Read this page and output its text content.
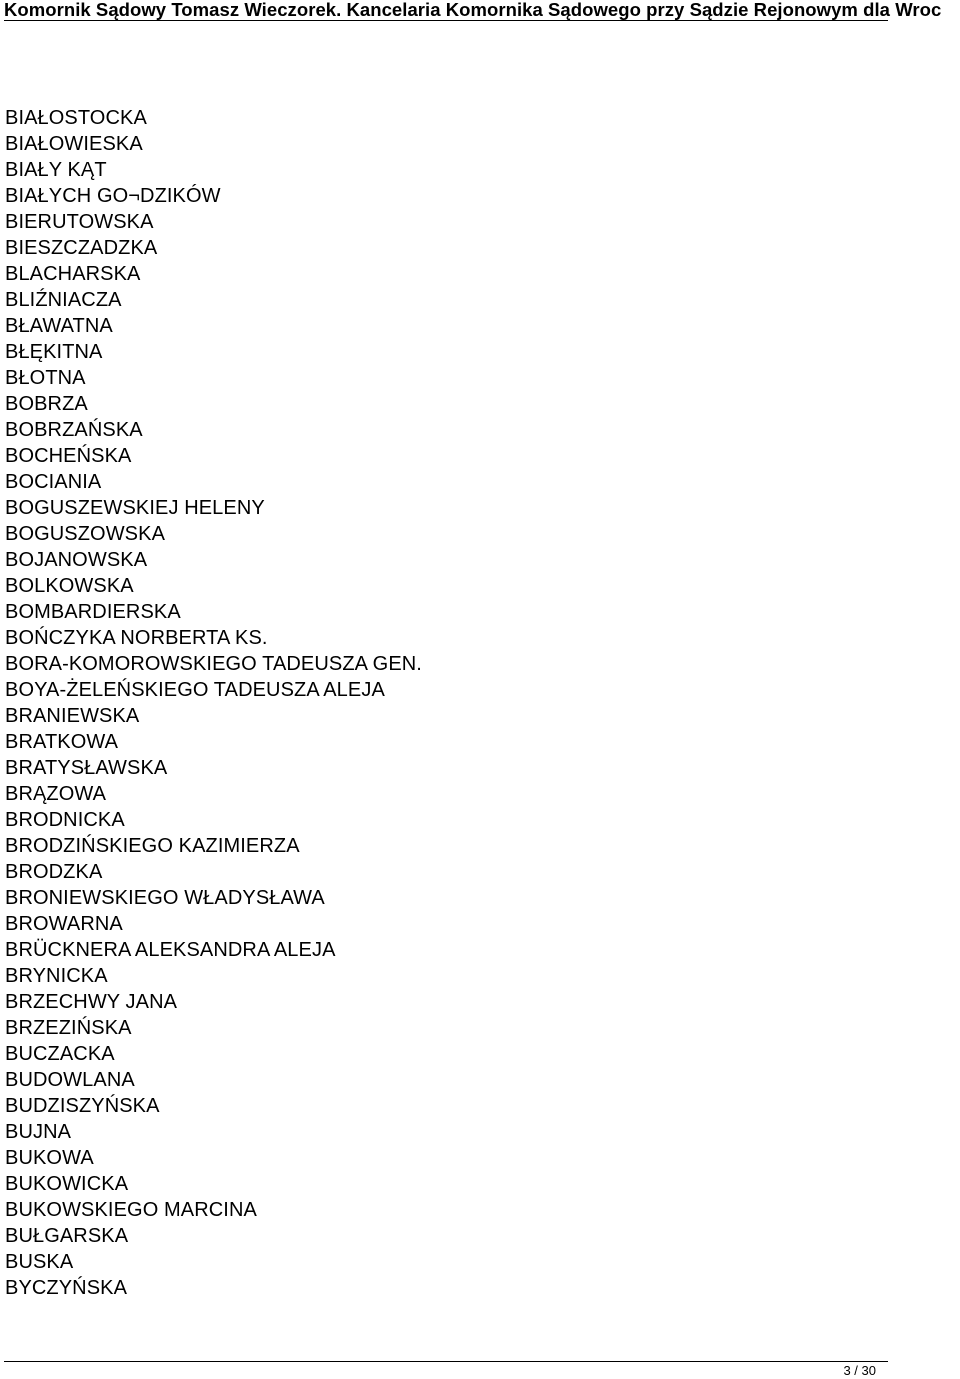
Komornik Sądowy Tomasz Wieczorek. Kancelaria Komornika Sądowego przy Sądzie Rejonowym dla Wroc
BIAŁOSTOCKA
BIAŁOWIESKA
BIAŁY KĄT
BIAŁYCH GO¬DZIKÓW
BIERUTOWSKA
BIESZCZADZKA
BLACHARSKA
BLIŹNIACZA
BŁAWATNA
BŁĘKITNA
BŁOTNA
BOBRZA
BOBRZAŃSKA
BOCHEŃSKA
BOCIANIA
BOGUSZEWSKIEJ HELENY
BOGUSZOWSKA
BOJANOWSKA
BOLKOWSKA
BOMBARDIERSKA
BOŃCZYKA NORBERTA KS.
BORA-KOMOROWSKIEGO TADEUSZA GEN.
BOYA-ŻELEŃSKIEGO TADEUSZA ALEJA
BRANIEWSKA
BRATKOWA
BRATYSŁAWSKA
BRĄZOWA
BRODNICKA
BRODZIŃSKIEGO KAZIMIERZA
BRODZKA
BRONIEWSKIEGO WŁADYSŁAWA
BROWARNA
BRÜCKNERA ALEKSANDRA ALEJA
BRYNICKA
BRZECHWY JANA
BRZEZIŃSKA
BUCZACKA
BUDOWLANA
BUDZISZYŃSKA
BUJNA
BUKOWA
BUKOWICKA
BUKOWSKIEGO MARCINA
BUŁGARSKA
BUSKA
BYCZYŃSKA
3 / 30
